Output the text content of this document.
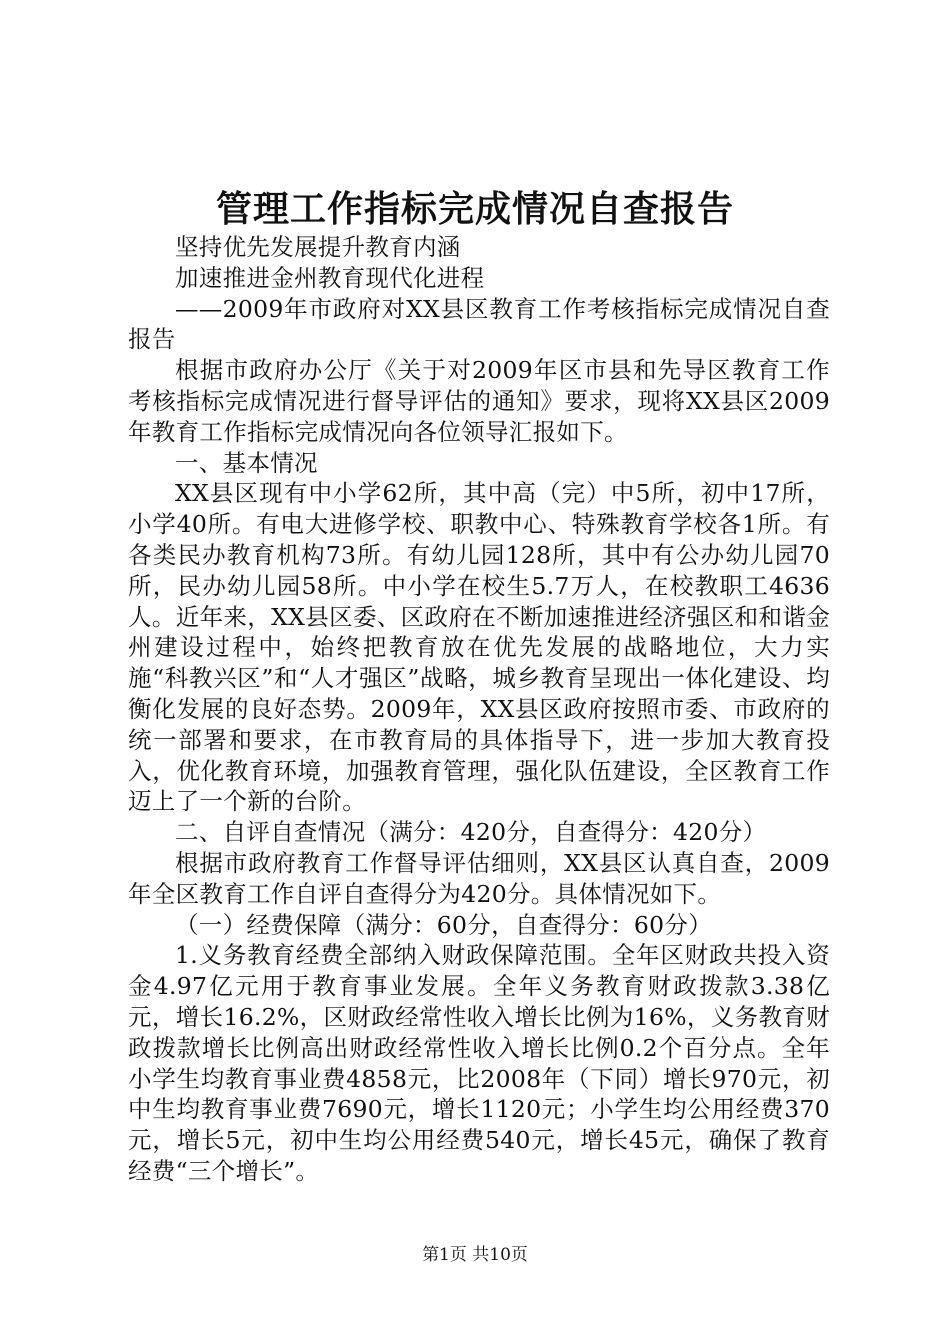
管理工作指标完成情况自查报告

坚持优先发展提升教育内涵

加速推进金州教育现代化进程

——2009年市政府对XX县区教育工作考核指标完成情况自查报告

根据市政府办公厅《关于对2009年区市县和先导区教育工作考核指标完成情况进行督导评估的通知》要求，现将XX县区2009年教育工作指标完成情况向各位领导汇报如下。

一、基本情况

XX县区现有中小学62所，其中高（完）中5所，初中17所，小学40所。有电大进修学校、职教中心、特殊教育学校各1所。有各类民办教育机构73所。有幼儿园128所，其中有公办幼儿园70所，民办幼儿园58所。中小学在校生5.7万人，在校教职工4636人。近年来，XX县区委、区政府在不断加速推进经济强区和和谐金州建设过程中，始终把教育放在优先发展的战略地位，大力实施“科教兴区”和“人才强区”战略，城乡教育呈现出一体化建设、均衡化发展的良好态势。2009年，XX县区政府按照市委、市政府的统一部署和要求，在市教育局的具体指导下，进一步加大教育投入，优化教育环境，加强教育管理，强化队伍建设，全区教育工作迈上了一个新的台阶。

二、自评自查情况（满分：420分，自查得分：420分）

根据市政府教育工作督导评估细则，XX县区认真自查，2009年全区教育工作自评自查得分为420分。具体情况如下。

（一）经费保障（满分：60分，自查得分：60分）

1.义务教育经费全部纳入财政保障范围。全年区财政共投入资金4.97亿元用于教育事业发展。全年义务教育财政拨款3.38亿元，增长16.2%，区财政经常性收入增长比例为16%，义务教育财政拨款增长比例高出财政经常性收入增长比例0.2个百分点。全年小学生均教育事业费4858元，比2008年（下同）增长970元，初中生均教育事业费7690元，增长1120元；小学生均公用经费370元，增长5元，初中生均公用经费540元，增长45元，确保了教育经费“三个增长”。

第1页 共10页
